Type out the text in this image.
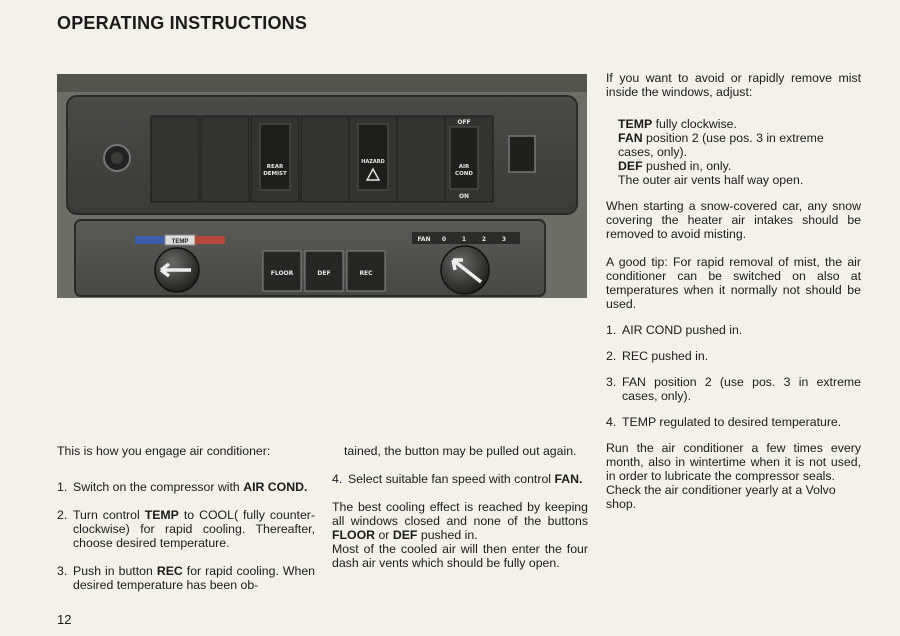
OPERATING INSTRUCTIONS
REAR
DEMIST
HAZARD
OFF
AIR
COND
ON
TEMP
FLOOR	DEF	REC
FAN 0	1	2	3

This is how you engage air conditioner:

1. Switch on the compressor with AIR COND.
2. Turn control TEMP to COOL( fully counter-clockwise) for rapid cooling. Thereafter, choose desired temperature.
3. Push in button REC for rapid cooling. When desired temperature has been ob-

tained, the button may be pulled out again.

4. Select suitable fan speed with control FAN.

The best cooling effect is reached by keeping all windows closed and none of the buttons FLOOR or DEF pushed in.

Most of the cooled air will then enter the four dash air vents which should be fully open.

If you want to avoid or rapidly remove mist inside the windows, adjust:

TEMP fully clockwise.

FAN position 2 (use pos. 3 in extreme cases, only).

DEF pushed in, only.

The outer air vents half way open.

When starting a snow-covered car, any snow covering the heater air intakes should be removed to avoid misting.

A good tip: For rapid removal of mist, the air conditioner can be switched on also at temperatures when it normally not should be used.

1. AIR COND pushed in.
2. REC pushed in.
3. FAN position 2 (use pos. 3 in extreme cases, only).
4. TEMP regulated to desired temperature.

Run the air conditioner a few times every month, also in wintertime when it is not used, in order to lubricate the compressor seals.

Check the air conditioner yearly at a Volvo shop.

12
